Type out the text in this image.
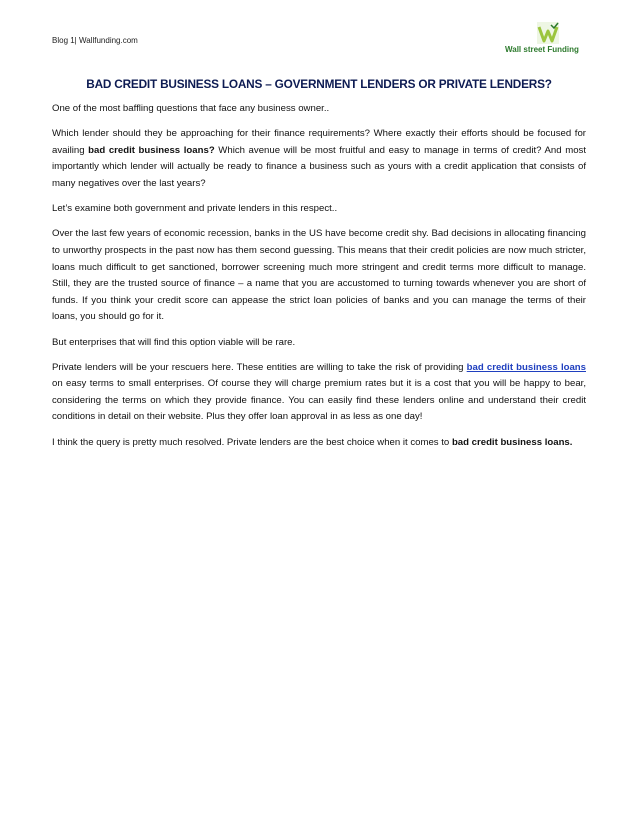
Blog 1| Wallfunding.com
Wall street Funding
BAD CREDIT BUSINESS LOANS – GOVERNMENT LENDERS OR PRIVATE LENDERS?

One of the most baffling questions that face any business owner..

Which lender should they be approaching for their finance requirements? Where exactly their efforts should be focused for availing bad credit business loans? Which avenue will be most fruitful and easy to manage in terms of credit? And most importantly which lender will actually be ready to finance a business such as yours with a credit application that consists of many negatives over the last years?

Let’s examine both government and private lenders in this respect..

Over the last few years of economic recession, banks in the US have become credit shy. Bad decisions in allocating financing to unworthy prospects in the past now has them second guessing. This means that their credit policies are now much stricter, loans much difficult to get sanctioned, borrower screening much more stringent and credit terms more difficult to manage. Still, they are the trusted source of finance – a name that you are accustomed to turning towards whenever you are short of funds. If you think your credit score can appease the strict loan policies of banks and you can manage the terms of their loans, you should go for it.

But enterprises that will find this option viable will be rare.

Private lenders will be your rescuers here. These entities are willing to take the risk of providing bad credit business loans on easy terms to small enterprises. Of course they will charge premium rates but it is a cost that you will be happy to bear, considering the terms on which they provide finance. You can easily find these lenders online and understand their credit conditions in detail on their website. Plus they offer loan approval in as less as one day!

I think the query is pretty much resolved. Private lenders are the best choice when it comes to bad credit business loans.
